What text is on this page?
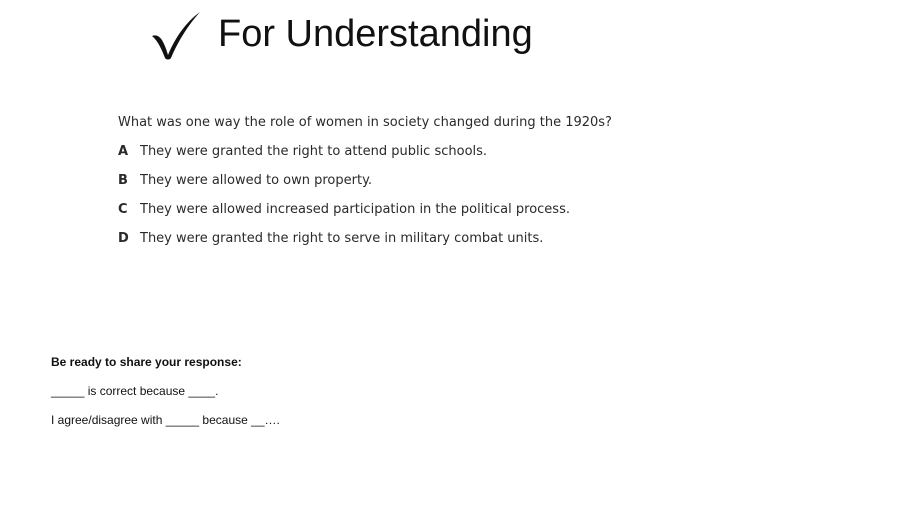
For Understanding

What was one way the role of women in society changed during the 1920s?

A They were granted the right to attend public schools.
B They were allowed to own property.
C They were allowed increased participation in the political process.
D They were granted the right to serve in military combat units.

Be ready to share your response:

_____ is correct because ____.

I agree/disagree with _____ because __….
